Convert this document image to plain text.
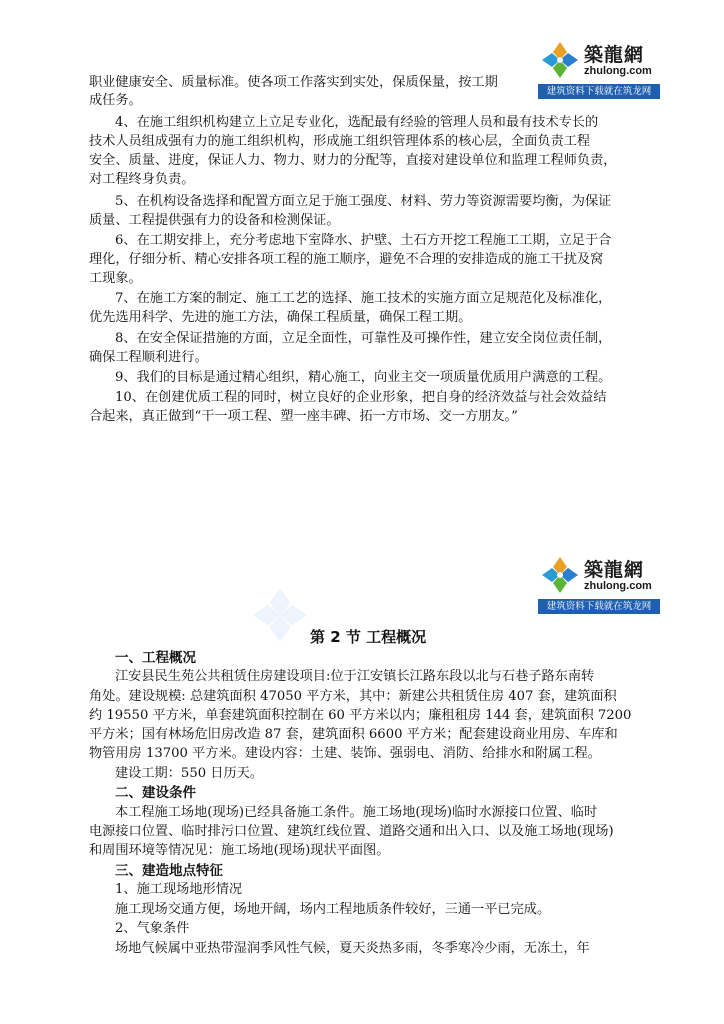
築龍網
zhulong.com
建筑资料下载就在筑龙网
职业健康安全、质量标准。使各项工作落实到实处，保质保量，按工期
成任务。
4、在施工组织机构建立上立足专业化，选配最有经验的管理人员和最有技术专长的
技术人员组成强有力的施工组织机构，形成施工组织管理体系的核心层，全面负责工程
安全、质量、进度，保证人力、物力、财力的分配等，直接对建设单位和监理工程师负责，
对工程终身负责。
5、在机构设备选择和配置方面立足于施工强度、材料、劳力等资源需要均衡，为保证
质量、工程提供强有力的设备和检测保证。
6、在工期安排上，充分考虑地下室降水、护壁、土石方开挖工程施工工期，立足于合
理化，仔细分析、精心安排各项工程的施工顺序，避免不合理的安排造成的施工干扰及窝
工现象。
7、在施工方案的制定、施工工艺的选择、施工技术的实施方面立足规范化及标准化，
优先选用科学、先进的施工方法，确保工程质量，确保工程工期。
8、在安全保证措施的方面，立足全面性，可靠性及可操作性，建立安全岗位责任制，
确保工程顺利进行。
9、我们的目标是通过精心组织，精心施工，向业主交一项质量优质用户满意的工程。
10、在创建优质工程的同时，树立良好的企业形象，把自身的经济效益与社会效益结
合起来，真正做到“干一项工程、塑一座丰碑、拓一方市场、交一方朋友。”
築龍網
zhulong.com
建筑资料下载就在筑龙网
第 2 节 工程概况
一、工程概况
江安县民生苑公共租赁住房建设项目:位于江安镇长江路东段以北与石巷子路东南转
角处。建设规模: 总建筑面积 47050 平方米，其中：新建公共租赁住房 407 套，建筑面积
约 19550 平方米，单套建筑面积控制在 60 平方米以内；廉租租房 144 套，建筑面积 7200
平方米；国有林场危旧房改造 87 套，建筑面积 6600 平方米；配套建设商业用房、车库和
物管用房 13700 平方米。建设内容：土建、装饰、强弱电、消防、给排水和附属工程。
建设工期：550 日历天。
二、建设条件
本工程施工场地(现场)已经具备施工条件。施工场地(现场)临时水源接口位置、临时
电源接口位置、临时排污口位置、建筑红线位置、道路交通和出入口、以及施工场地(现场)
和周围环境等情况见：施工场地(现场)现状平面图。
三、建造地点特征
1、施工现场地形情况
施工现场交通方便，场地开阔，场内工程地质条件较好，三通一平已完成。
2、气象条件
场地气候属中亚热带湿润季风性气候，夏天炎热多雨，冬季寒冷少雨，无冻土，年
